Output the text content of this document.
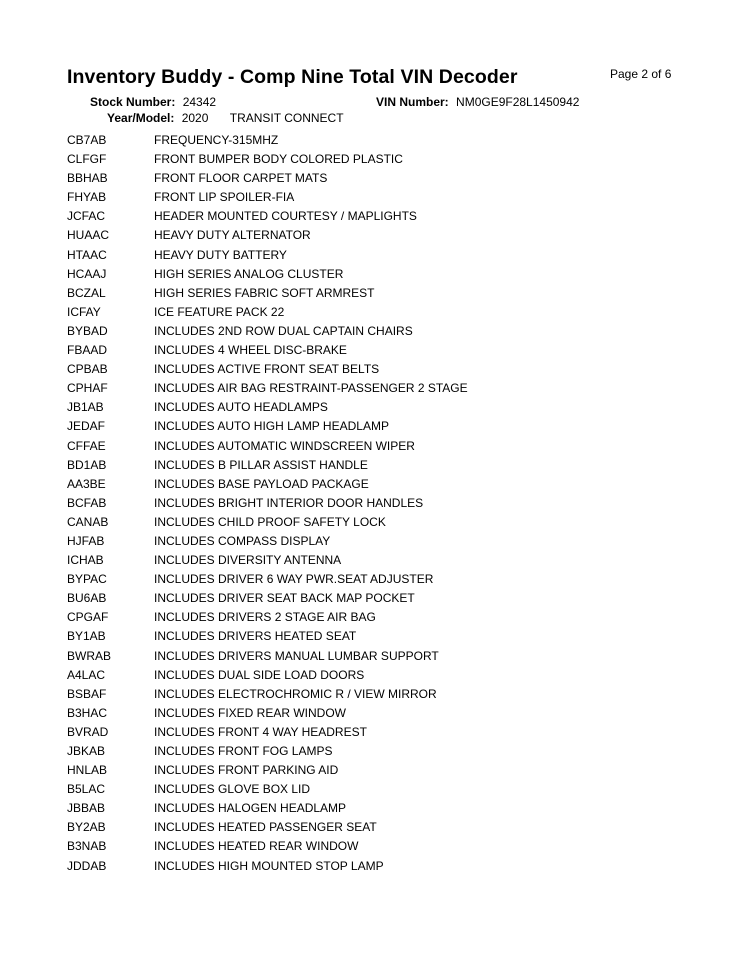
Page 2 of 6
Inventory Buddy - Comp Nine Total VIN Decoder
Stock Number: 24342	VIN Number: NM0GE9F28L1450942
Year/Model: 2020 TRANSIT CONNECT
CB7AB	FREQUENCY-315MHZ
CLFGF	FRONT BUMPER BODY COLORED PLASTIC
BBHAB	FRONT FLOOR CARPET MATS
FHYAB	FRONT LIP SPOILER-FIA
JCFAC	HEADER MOUNTED COURTESY / MAPLIGHTS
HUAAC	HEAVY DUTY ALTERNATOR
HTAAC	HEAVY DUTY BATTERY
HCAAJ	HIGH SERIES ANALOG CLUSTER
BCZAL	HIGH SERIES FABRIC SOFT ARMREST
ICFAY	ICE FEATURE PACK 22
BYBAD	INCLUDES 2ND ROW DUAL CAPTAIN CHAIRS
FBAAD	INCLUDES 4 WHEEL DISC-BRAKE
CPBAB	INCLUDES ACTIVE FRONT SEAT BELTS
CPHAF	INCLUDES AIR BAG RESTRAINT-PASSENGER 2 STAGE
JB1AB	INCLUDES AUTO HEADLAMPS
JEDAF	INCLUDES AUTO HIGH LAMP HEADLAMP
CFFAE	INCLUDES AUTOMATIC WINDSCREEN WIPER
BD1AB	INCLUDES B PILLAR ASSIST HANDLE
AA3BE	INCLUDES BASE PAYLOAD PACKAGE
BCFAB	INCLUDES BRIGHT INTERIOR DOOR HANDLES
CANAB	INCLUDES CHILD PROOF SAFETY LOCK
HJFAB	INCLUDES COMPASS DISPLAY
ICHAB	INCLUDES DIVERSITY ANTENNA
BYPAC	INCLUDES DRIVER 6 WAY PWR.SEAT ADJUSTER
BU6AB	INCLUDES DRIVER SEAT BACK MAP POCKET
CPGAF	INCLUDES DRIVERS 2 STAGE AIR BAG
BY1AB	INCLUDES DRIVERS HEATED SEAT
BWRAB	INCLUDES DRIVERS MANUAL LUMBAR SUPPORT
A4LAC	INCLUDES DUAL SIDE LOAD DOORS
BSBAF	INCLUDES ELECTROCHROMIC R / VIEW MIRROR
B3HAC	INCLUDES FIXED REAR WINDOW
BVRAD	INCLUDES FRONT 4 WAY HEADREST
JBKAB	INCLUDES FRONT FOG LAMPS
HNLAB	INCLUDES FRONT PARKING AID
B5LAC	INCLUDES GLOVE BOX LID
JBBAB	INCLUDES HALOGEN HEADLAMP
BY2AB	INCLUDES HEATED PASSENGER SEAT
B3NAB	INCLUDES HEATED REAR WINDOW
JDDAB	INCLUDES HIGH MOUNTED STOP LAMP
